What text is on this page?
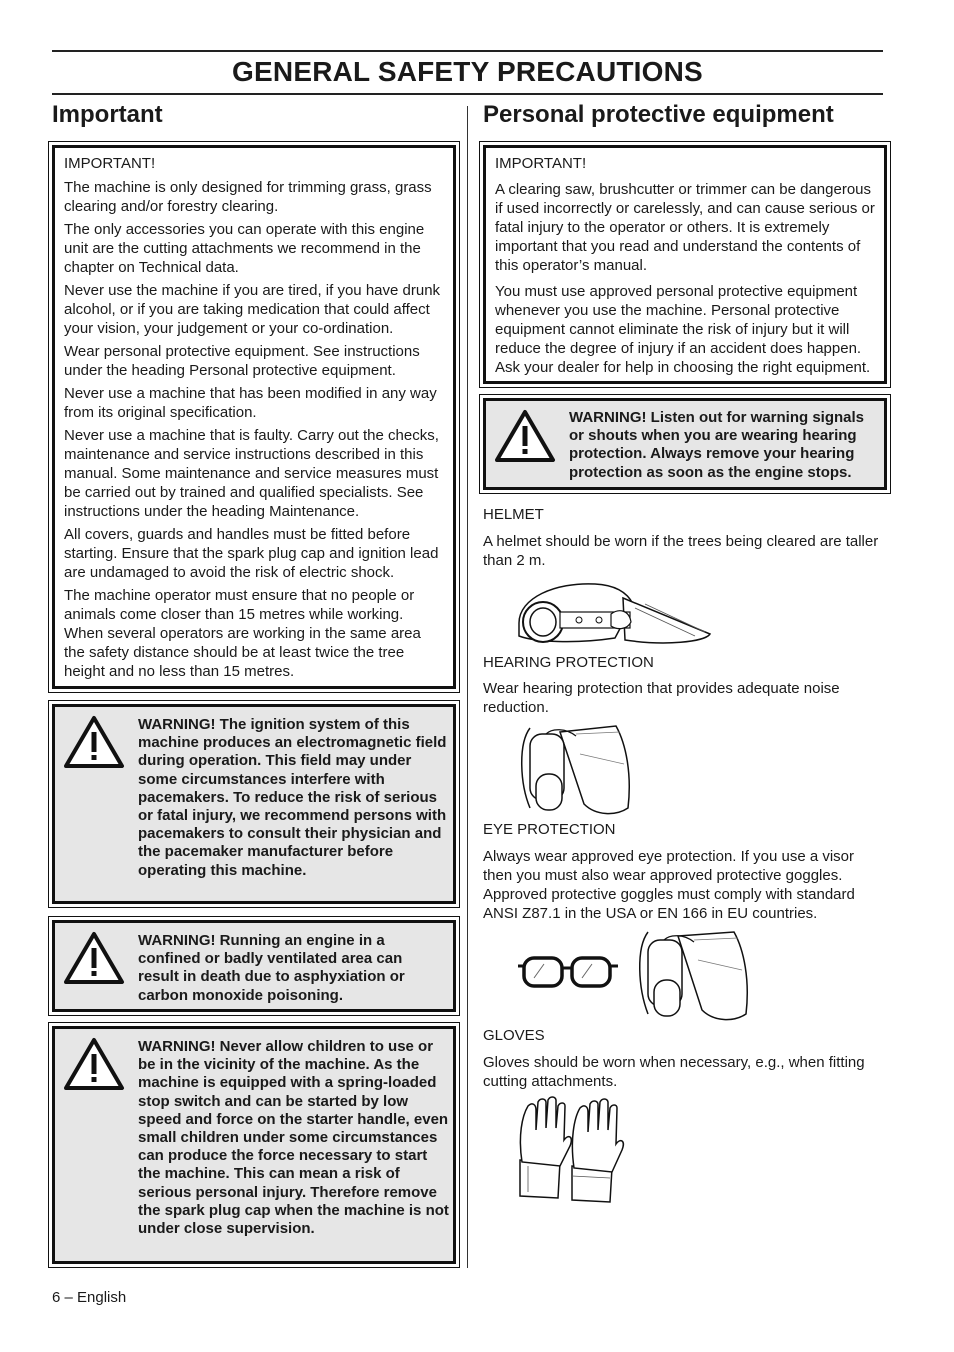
GENERAL SAFETY PRECAUTIONS
Important

IMPORTANT!

The machine is only designed for trimming grass, grass clearing and/or forestry clearing.

The only accessories you can operate with this engine unit are the cutting attachments we recommend in the chapter on Technical data.

Never use the machine if you are tired, if you have drunk alcohol, or if you are taking medication that could affect your vision, your judgement or your co-ordination.

Wear personal protective equipment. See instructions under the heading Personal protective equipment.

Never use a machine that has been modified in any way from its original specification.

Never use a machine that is faulty. Carry out the checks, maintenance and service instructions described in this manual. Some maintenance and service measures must be carried out by trained and qualified specialists. See instructions under the heading Maintenance.

All covers, guards and handles must be fitted before starting. Ensure that the spark plug cap and ignition lead are undamaged to avoid the risk of electric shock.

The machine operator must ensure that no people or animals come closer than 15 metres while working. When several operators are working in the same area the safety distance should be at least twice the tree height and no less than 15 metres.

WARNING! The ignition system of this machine produces an electromagnetic field during operation. This field may under some circumstances interfere with pacemakers. To reduce the risk of serious or fatal injury, we recommend persons with pacemakers to consult their physician and the pacemaker manufacturer before operating this machine.
WARNING! Running an engine in a confined or badly ventilated area can result in death due to asphyxiation or carbon monoxide poisoning.
WARNING! Never allow children to use or be in the vicinity of the machine. As the machine is equipped with a spring-loaded stop switch and can be started by low speed and force on the starter handle, even small children under some circumstances can produce the force necessary to start the machine. This can mean a risk of serious personal injury. Therefore remove the spark plug cap when the machine is not under close supervision.
Personal protective equipment

IMPORTANT!

A clearing saw, brushcutter or trimmer can be dangerous if used incorrectly or carelessly, and can cause serious or fatal injury to the operator or others. It is extremely important that you read and understand the contents of this operator’s manual.

You must use approved personal protective equipment whenever you use the machine. Personal protective equipment cannot eliminate the risk of injury but it will reduce the degree of injury if an accident does happen. Ask your dealer for help in choosing the right equipment.

WARNING! Listen out for warning signals or shouts when you are wearing hearing protection. Always remove your hearing protection as soon as the engine stops.
HELMET
A helmet should be worn if the trees being cleared are taller than 2 m.
HEARING PROTECTION
Wear hearing protection that provides adequate noise reduction.
EYE PROTECTION
Always wear approved eye protection. If you use a visor then you must also wear approved protective goggles. Approved protective goggles must comply with standard ANSI Z87.1 in the USA or EN 166 in EU countries.
GLOVES
Gloves should be worn when necessary, e.g., when fitting cutting attachments.
6 – English
